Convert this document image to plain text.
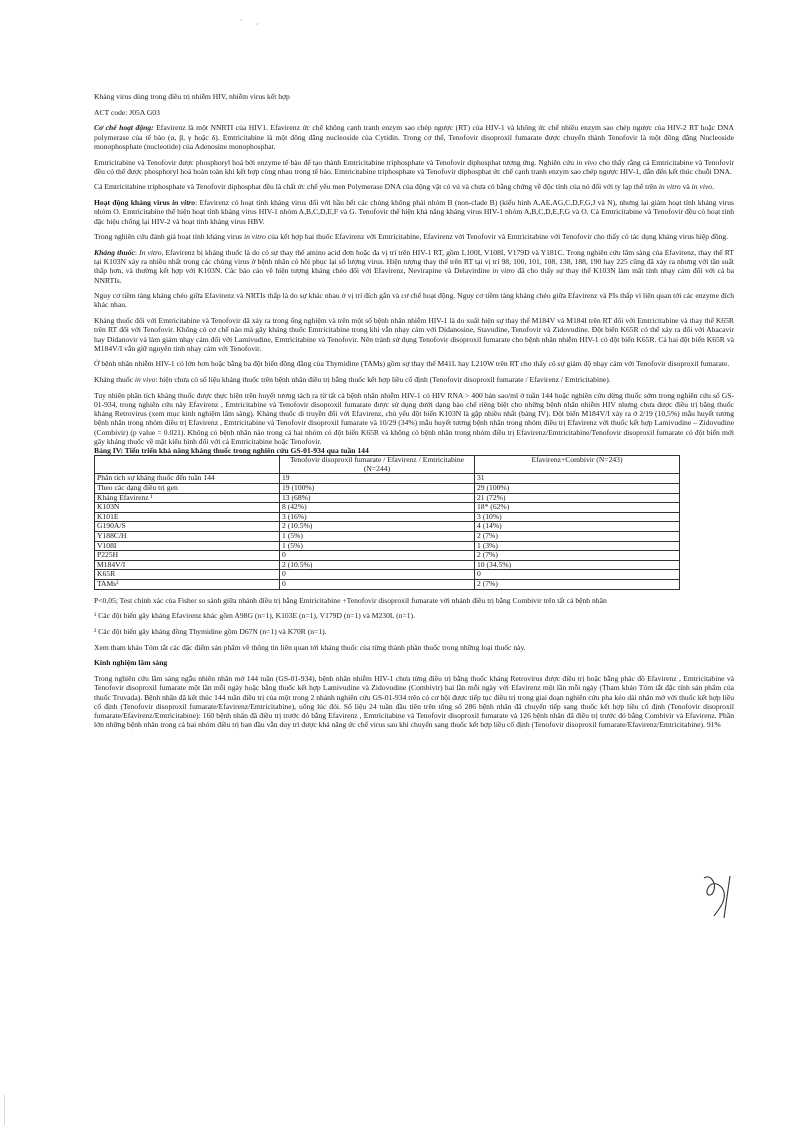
' ,

Kháng virus dùng trong điều trị nhiễm HIV, nhiễm virus kết hợp

ACT code: J05A G03

Cơ chế hoạt động: Efavirenz là một NNRTI của HIV1. Efavirenz ức chế không cạnh tranh enzym sao chép ngược (RT) của HIV-1 và không ức chế nhiều enzym sao chép ngược của HIV-2 RT hoặc DNA polymerase của tế bào (α, β, γ hoặc δ). Emtricitabine là một đồng đẳng nucleoside của Cytidin. Trong cơ thể, Tenofovir disoproxil fumarate được chuyển thành Tenofovir là một đồng đẳng Nucleoside monophosphate (nucleotide) của Adenosine monophosphat.

Emtricitabine và Tenofovir được phosphoryl hoá bởi enzyme tế bào để tạo thành Emtricitabine triphosphate và Tenofovir diphosphat tương ứng. Nghiên cứu in vivo cho thấy rằng cả Emtricitabine và Tenofovir đều có thể được phosphoryl hoá hoàn toàn khi kết hợp cùng nhau trong tế bào. Emtricitabine triphosphate và Tenofovir diphosphat ức chế cạnh tranh enzym sao chép ngược HIV-1, dẫn đến kết thúc chuỗi DNA.

Cả Emtricitabine triphosphate và Tenofovir diphosphat đều là chất ức chế yếu men Polymerase DNA của động vật có vú và chưa có bằng chứng về độc tính của nó đối với ty lạp thể trên in vitro và in vivo.

Hoạt động kháng virus in vitro: Efavirenz có hoạt tính kháng virus đối với hầu hết các chủng không phải nhóm B (non-clade B) (kiểu hình A,AE,AG,C,D,F,G,J và N), nhưng lại giảm hoạt tính kháng virus nhóm O. Emtricitabine thể hiện hoạt tính kháng virus HIV-1 nhóm A,B,C,D,E,F và G. Tenofovir thể hiện khả năng kháng virus HIV-1 nhóm A,B,C,D,E,F,G và O. Cả Emtricitabine và Tenofovir đều có hoạt tính đặc hiệu chống lại HIV-2 và hoạt tính kháng virus HBV.

Trong nghiên cứu đánh giá hoạt tính kháng virus in vitro của kết hợp hai thuốc Efavirenz với Emtricitabine, Efavirenz với Tenofovir và Emtricitabine với Tenofovir cho thấy có tác dụng kháng virus hiệp đồng.

Kháng thuốc: In vitro, Efavirenz bị kháng thuốc là do có sự thay thế amino acid đơn hoặc đa vị trí trên HIV-1 RT, gồm L100I, V108I, V179D và Y181C. Trong nghiên cứu lâm sàng của Efavirenz, thay thế RT tại K103N xảy ra nhiều nhất trong các chủng virus ở bệnh nhân có hồi phục lại số lượng virus. Hiện tượng thay thế trên RT tại vị trí 98, 100, 101, 108, 138, 188, 190 hay 225 cũng đã xảy ra nhưng với tần suất thấp hơn, và thường kết hợp với K103N. Các báo cáo về hiện tượng kháng chéo đối với Efavirenz, Nevirapine và Delavirdine in vitro đã cho thấy sự thay thế K103N làm mất tính nhạy cảm đối với cả ba NNRTIs.

Nguy cơ tiềm tàng kháng chéo giữa Efavirenz và NRTIs thấp là do sự khác nhau ở vị trí đích gắn và cơ chế hoạt động. Nguy cơ tiềm tàng kháng chéo giữa Efavirenz và PIs thấp vì liên quan tới các enzyme đích khác nhau.

Kháng thuốc đối với Emtricitabine và Tenofovir đã xảy ra trong ống nghiệm và trên một số bệnh nhân nhiễm HIV-1 là do xuất hiện sự thay thế M184V và M184I trên RT đối với Emtricitabine và thay thế K65R trên RT đối với Tenofovir. Không có cơ chế nào mà gây kháng thuốc Emtricitabine trong khi vẫn nhạy cảm với Didanosine, Stavudine, Tenofovir và Zidovudine. Đột biến K65R có thể xảy ra đối với Abacavir hay Didanovir và làm giảm nhạy cảm đối với Lamivudine, Emtricitabine và Tenofovir. Nên tránh sử dụng Tenofovir disoproxil fumarate cho bệnh nhân nhiễm HIV-1 có đột biến K65R. Cả hai đột biến K65R và M184V/I vẫn giữ nguyên tính nhạy cảm với Tenofovir.

Ở bệnh nhân nhiễm HIV-1 có lớn hơn hoặc bằng ba đột biến đồng đẳng của Thymidine (TAMs) gồm sự thay thế M41L hay L210W trên RT cho thấy có sự giảm độ nhạy cảm với Tenofovir disoproxil fumarate.

Kháng thuốc in vivo: hiện chưa có số liệu kháng thuốc trên bệnh nhân điều trị bằng thuốc kết hợp liều cố định (Tenofovir disoproxil fumarate / Efavirenz / Emtricitabine).

Tuy nhiên phân tích kháng thuốc được thực hiện trên huyết tương tách ra từ tất cả bệnh nhân nhiễm HIV-1 có HIV RNA > 400 bản sao/ml ở tuần 144 hoặc nghiên cứu dừng thuốc sớm trong nghiên cứu số GS-01-934, trong nghiên cứu này Efavirenz , Emtricitabine và Tenofovir disoproxil fumarate được sử dụng dưới dạng bào chế riêng biệt cho những bệnh nhân nhiễm HIV nhưng chưa được điều trị bằng thuốc kháng Retrovirus (xem mục kinh nghiệm lâm sàng). Kháng thuốc di truyền đối với Efavirenz, chủ yếu đột biến K103N là gặp nhiều nhất (bảng IV). Đột biến M184V/I xảy ra ở 2/19 (10,5%) mẫu huyết tương bệnh nhân trong nhóm điều trị Efavirenz , Emtricitabine và Tenofovir disoproxil fumarate và 10/29 (34%) mẫu huyết tương bệnh nhân trong nhóm điều trị Efavirenz với thuốc kết hợp Lamivudine – Zidovudine (Combivir) (p value = 0.021). Không có bệnh nhân nào trong cả hai nhóm có đột biến K65R và không có bệnh nhân trong nhóm điều trị Efavirenz/Emtricitabine/Tenofovir disoproxil fumarate có đột biến mới gây kháng thuốc về mặt kiểu hình đối với cả Emtricitabine hoặc Tenofovir.

Bảng IV: Tiến triển khả năng kháng thuốc trong nghiên cứu GS-01-934 qua tuần 144
	Tenofovir disoproxil fumarate / Efavirenz / Emtricitabine (N=244)	Efavirenz+Combivir (N=243)
Phân tích sự kháng thuốc đến tuần 144	19	31
Theo các dạng điều trị gen	19 (100%)	29 (100%)
Kháng Efavirenz ¹	13 (68%)	21 (72%)
K103N	8 (42%)	18* (62%)
K101E	3 (16%)	3 (10%)
G190A/S	2 (10.5%)	4 (14%)
Y188C/H	1 (5%)	2 (7%)
V108I	1 (5%)	1 (3%)
P225H	0	2 (7%)
M184V/I	2 (10.5%)	10 (34.5%)
K65R	0	0
TAMs²	0	2 (7%)

P<0,05; Test chính xác của Fisher so sánh giữa nhánh điều trị bằng Emtricitabine +Tenofovir disoproxil fumarate với nhánh điều trị bằng Combivir trên tất cả bệnh nhân

¹ Các đột biến gây kháng Efavirenz khác gồm A98G (n=1), K103E (n=1), V179D (n=1) và M230L (n=1).

² Các đột biến gây kháng đồng Thymidine gồm D67N (n=1) và K70R (n=1).

Xem tham khảo Tóm tắt các đặc điểm sản phẩm về thông tin liên quan tới kháng thuốc của từng thành phần thuốc trong những loại thuốc này.

Kinh nghiệm lâm sàng

Trong nghiên cứu lâm sàng ngẫu nhiên nhãn mở 144 tuần (GS-01-934), bệnh nhân nhiễm HIV-1 chưa từng điều trị bằng thuốc kháng Retrovirus được điều trị hoặc bằng phác đồ Efavirenz , Emtricitabine và Tenofovir disoproxil fumarate một lần mỗi ngày hoặc bằng thuốc kết hợp Lamivudine và Zidovudine (Combivir) hai lần mỗi ngày với Efavirenz một lần mỗi ngày (Tham khảo Tóm tắt đặc tính sản phẩm của thuốc Truvada). Bệnh nhân đã kết thúc 144 tuần điều trị của một trong 2 nhánh nghiên cứu GS-01-934 trên có cơ hội được tiếp tục điều trị trong giai đoạn nghiên cứu pha kéo dài nhãn mở với thuốc kết hợp liều cố định (Tenofovir disoproxil fumarate/Efavirenz/Emtricitabine), uống lúc đói. Số liệu 24 tuần đầu tiên trên tổng số 286 bệnh nhân đã chuyển tiếp sang thuốc kết hợp liều cố định (Tenofovir disoproxil fumarate/Efavirenz/Emtricitabine): 160 bệnh nhân đã điều trị trước đó bằng Efavirenz , Emtricitabine và Tenofovir disoproxil fumarate và 126 bệnh nhân đã điều trị trước đó bằng Combivir và Efavirenz. Phần lớn những bệnh nhân trong cả hai nhóm điều trị ban đầu vẫn duy trì được khả năng ức chế virus sau khi chuyển sang thuốc kết hợp liều cố định (Tenofovir disoproxil fumarate/Efavirenz/Emtricitabine). 91%
